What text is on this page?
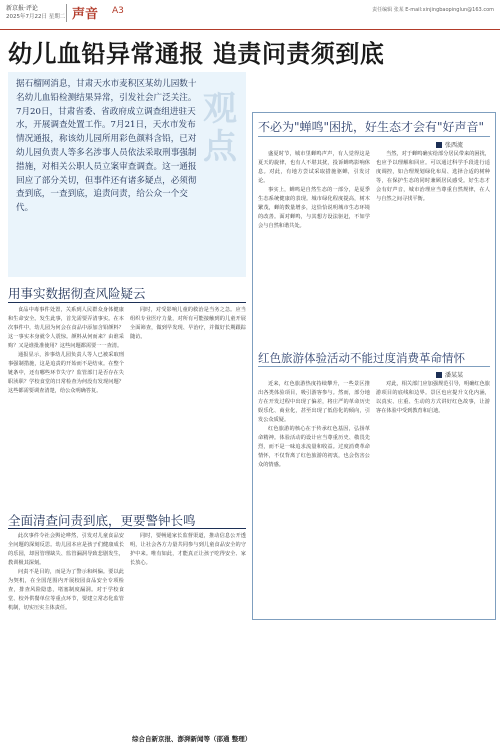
新京报·评论
2025年7月22日 星期二 声音 A3	责任编辑 张某 E-mail:xinjingbaopinglun@163.com
幼儿血铅异常通报 追责问责须到底
据石榴网消息，甘肃天水市麦积区某幼儿园数十名幼儿血铅检测结果异常，引发社会广泛关注。7月20日，甘肃省委、省政府成立调查组进驻天水，开展调查处置工作。7月21日，天水市发布情况通报，称该幼儿园所用彩色颜料含铅，已对幼儿园负责人等多名涉事人员依法采取刑事强制措施，对相关公职人员立案审查调查。这一通报回应了部分关切，但事件还有诸多疑点，必须彻查到底，一查到底，追责问责，给公众一个交代。
观点
用事实数据彻查风险疑云

食品中毒事件处置，关系到人民群众身体健康和生命安全。发生此事，首先需要弄清事实。在本次事件中，幼儿园为何会在食品中添加含铅颜料？这一事实本身就令人震惊。颜料从何而来？由谁采购？又是谁批准使用？这些问题都需要一一查清。

通报显示，涉事幼儿园负责人等人已被采取刑事强制措施，这是追责的开始而不是结束。在整个链条中，还有哪些环节失守？监管部门是否存在失职渎职？学校食堂的日常检查为何没有发现问题？这些都需要调查清楚，给公众明确答复。

同时，对受影响儿童的救治是当务之急。应当组织专业医疗力量，对所有可能接触到的儿童开展全面筛查，做到早发现、早治疗，并做好长期跟踪随访。

全面清查问责到底，更要警钟长鸣

此次事件令社会舆论哗然，引发对儿童食品安全问题的深刻反思。幼儿园本应是孩子们健康成长的乐园，却因管理缺失、监管漏洞导致悲剧发生，教训极其深刻。

问责不是目的，而是为了警示和纠偏。要以此为契机，在全国范围内开展校园食品安全专项检查，排查风险隐患，堵塞制度漏洞。对于学校食堂、校外供餐单位等重点环节，要建立常态化监管机制，切实压实主体责任。

同时，要畅通家长监督渠道，推动信息公开透明，让社会各方力量共同参与到儿童食品安全的守护中来。唯有如此，才能真正让孩子吃得安全、家长放心。

综合自新京报、澎湃新闻等（邵通 整理）
不必为"蝉鸣"困扰，好生态才会有"好声音"
张西流

盛夏时节，城市里蝉鸣声声，有人觉得这是夏天的旋律，也有人不堪其扰，投诉蝉鸣影响休息。对此，有地方尝试采取措施驱蝉，引发讨论。

事实上，蝉鸣是自然生态的一部分，是夏季生态系统健康的表现。城市绿化程度提高，树木繁茂，蝉的数量增多，这恰恰说明城市生态环境的改善。面对蝉鸣，与其想方设法驱赶，不如学会与自然和谐共处。

当然，对于蝉鸣确实给部分居民带来的困扰，也应予以理解和回应。可以通过科学手段进行适度调控，如合理规划绿化布局、选择合适的树种等，在保护生态的同时兼顾居民感受。好生态才会有好声音，城市治理应当尊重自然规律，在人与自然之间寻找平衡。

红色旅游体验活动不能过度消费革命情怀
潘某某

近来，红色旅游热度持续攀升，一些景区推出各类体验项目，吸引游客参与。然而，部分地方在开发过程中出现了偏差，将庄严的革命历史娱乐化、商业化，甚至出现了低俗化的倾向，引发公众质疑。

红色旅游的核心在于传承红色基因，弘扬革命精神。体验活动的设计应当尊重历史、敬畏先烈，而不是一味追求流量和收益。过度消费革命情怀，不仅背离了红色旅游的初衷，也会伤害公众的情感。

对此，相关部门应加强规范引导，明确红色旅游项目的底线和边界。景区也应提升文化内涵，以真实、庄重、生动的方式讲好红色故事，让游客在体验中受到教育和启迪。
